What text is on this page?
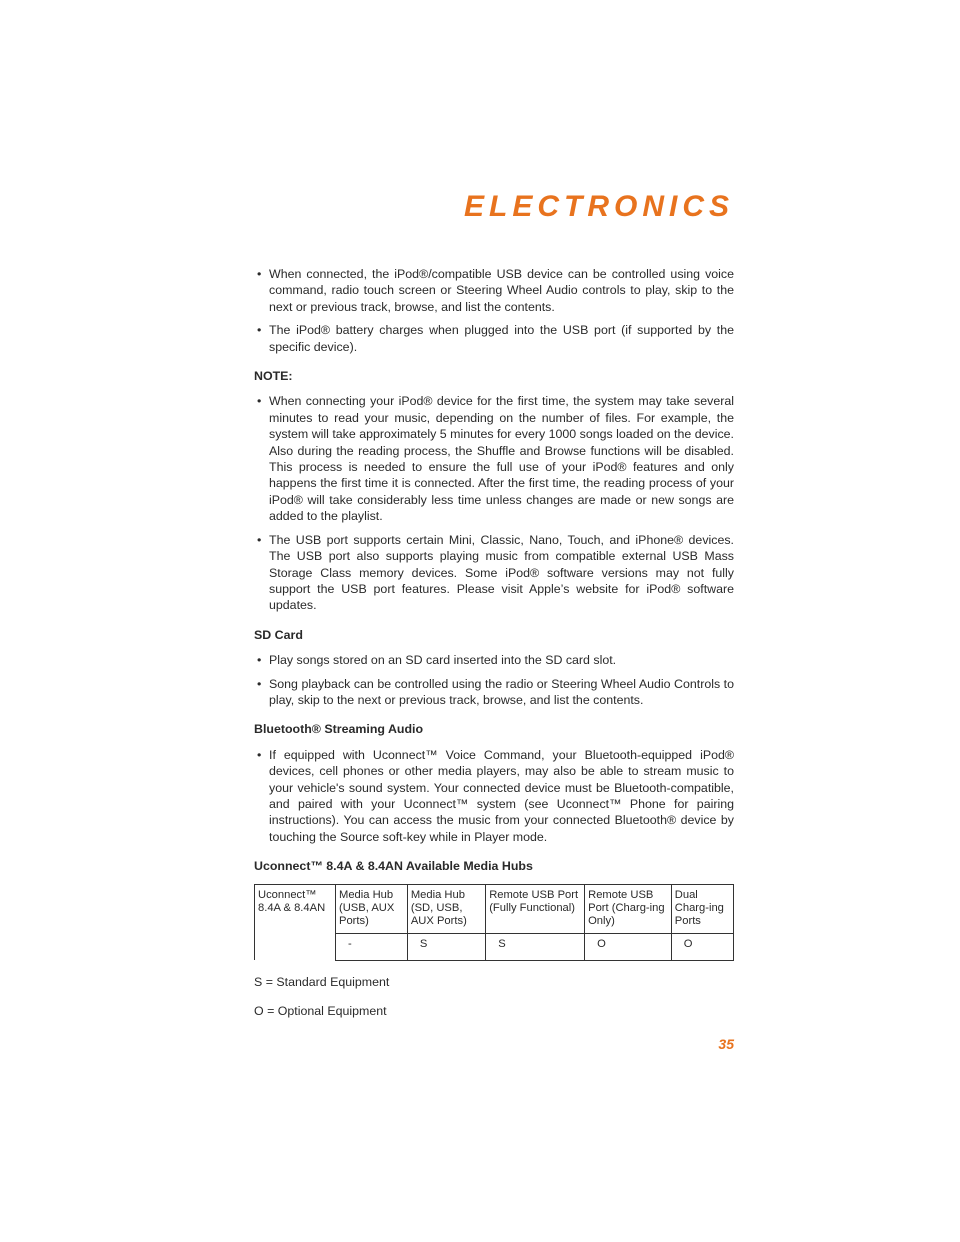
ELECTRONICS
• When connected, the iPod®/compatible USB device can be controlled using voice command, radio touch screen or Steering Wheel Audio controls to play, skip to the next or previous track, browse, and list the contents.
• The iPod® battery charges when plugged into the USB port (if supported by the specific device).
NOTE:
• When connecting your iPod® device for the first time, the system may take several minutes to read your music, depending on the number of files. For example, the system will take approximately 5 minutes for every 1000 songs loaded on the device. Also during the reading process, the Shuffle and Browse functions will be disabled. This process is needed to ensure the full use of your iPod® features and only happens the first time it is connected. After the first time, the reading process of your iPod® will take considerably less time unless changes are made or new songs are added to the playlist.
• The USB port supports certain Mini, Classic, Nano, Touch, and iPhone® devices. The USB port also supports playing music from compatible external USB Mass Storage Class memory devices. Some iPod® software versions may not fully support the USB port features. Please visit Apple’s website for iPod® software updates.
SD Card
• Play songs stored on an SD card inserted into the SD card slot.
• Song playback can be controlled using the radio or Steering Wheel Audio Controls to play, skip to the next or previous track, browse, and list the contents.
Bluetooth® Streaming Audio
• If equipped with Uconnect™ Voice Command, your Bluetooth-equipped iPod® devices, cell phones or other media players, may also be able to stream music to your vehicle's sound system. Your connected device must be Bluetooth-compatible, and paired with your Uconnect™ system (see Uconnect™ Phone for pairing instructions). You can access the music from your connected Bluetooth® device by touching the Source soft-key while in Player mode.
Uconnect™ 8.4A & 8.4AN Available Media Hubs
Uconnect™ 8.4A & 8.4AN	Media Hub (USB, AUX Ports)	Media Hub (SD, USB, AUX Ports)	Remote USB Port (Fully Functional)	Remote USB Port (Charg-ing Only)	Dual Charg-ing Ports
	-	S	S	O	O
S = Standard Equipment
O = Optional Equipment
35
